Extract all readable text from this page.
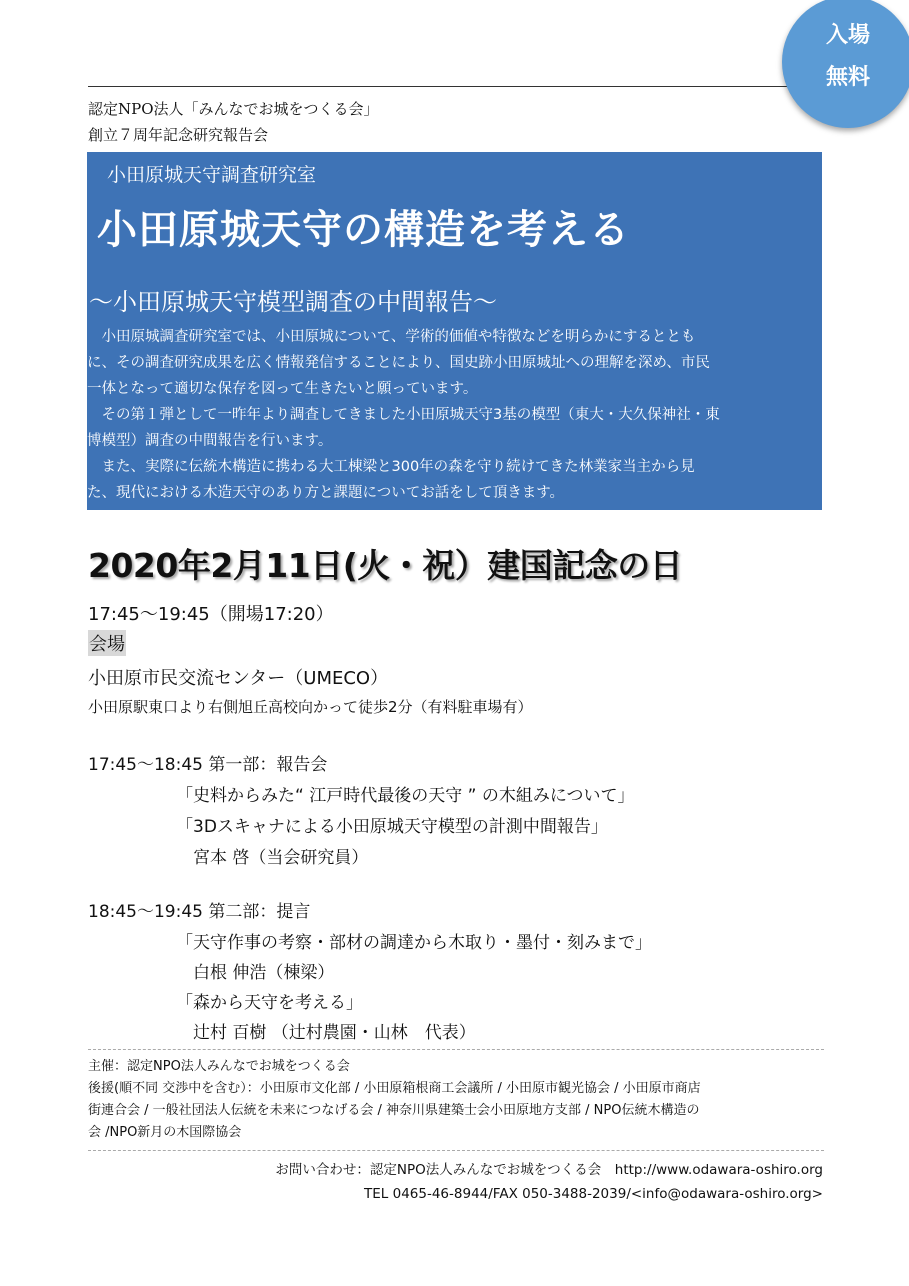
入場
無料
認定NPO法人「みんなでお城をつくる会」
創立７周年記念研究報告会
小田原城天守調査研究室
小田原城天守の構造を考える
〜小田原城天守模型調査の中間報告〜

　小田原城調査研究室では、小田原城について、学術的価値や特徴などを明らかにするととも

に、その調査研究成果を広く情報発信することにより、国史跡小田原城址への理解を深め、市民

一体となって適切な保存を図って生きたいと願っています。

　その第１弾として一昨年より調査してきました小田原城天守3基の模型（東大・大久保神社・東

博模型）調査の中間報告を行います。

　また、実際に伝統木構造に携わる大工棟梁と300年の森を守り続けてきた林業家当主から見

た、現代における木造天守のあり方と課題についてお話をして頂きます。

2020年2月11日(火・祝）建国記念の日
17:45〜19:45（開場17:20）
会場
小田原市民交流センター（UMECO）
小田原駅東口より右側旭丘高校向かって徒歩2分（有料駐車場有）
17:45〜18:45 第一部：報告会
「史料からみた“ 江戸時代最後の天守 ” の木組みについて」
「3Dスキャナによる小田原城天守模型の計測中間報告」
　宮本 啓（当会研究員）
18:45〜19:45 第二部：提言
「天守作事の考察・部材の調達から木取り・墨付・刻みまで」
　白根 伸浩（棟梁）
「森から天守を考える」
　辻村 百樹 （辻村農園・山林　代表）

主催：認定NPO法人みんなでお城をつくる会

後援(順不同 交渉中を含む）：小田原市文化部 / 小田原箱根商工会議所 / 小田原市観光協会 / 小田原市商店

街連合会 / 一般社団法人伝統を未来につなげる会 / 神奈川県建築士会小田原地方支部 / NPO伝統木構造の

会 /NPO新月の木国際協会

お問い合わせ：認定NPO法人みんなでお城をつくる会　http://www.odawara-oshiro.org

TEL 0465-46-8944/FAX 050-3488-2039/<info@odawara-oshiro.org>
